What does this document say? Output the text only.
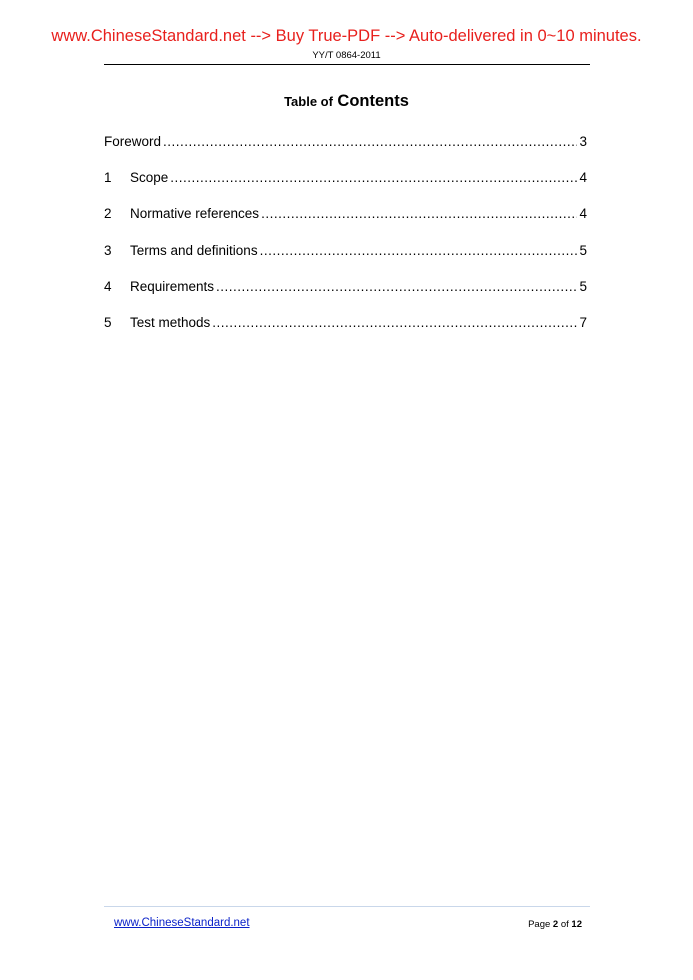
www.ChineseStandard.net --> Buy True-PDF --> Auto-delivered in 0~10 minutes.
YY/T 0864-2011
Table of Contents
Foreword .....	3
1	Scope .....	4
2	Normative references .....	4
3	Terms and definitions .....	5
4	Requirements .....	5
5	Test methods .....	7
www.ChineseStandard.net	Page 2 of 12
